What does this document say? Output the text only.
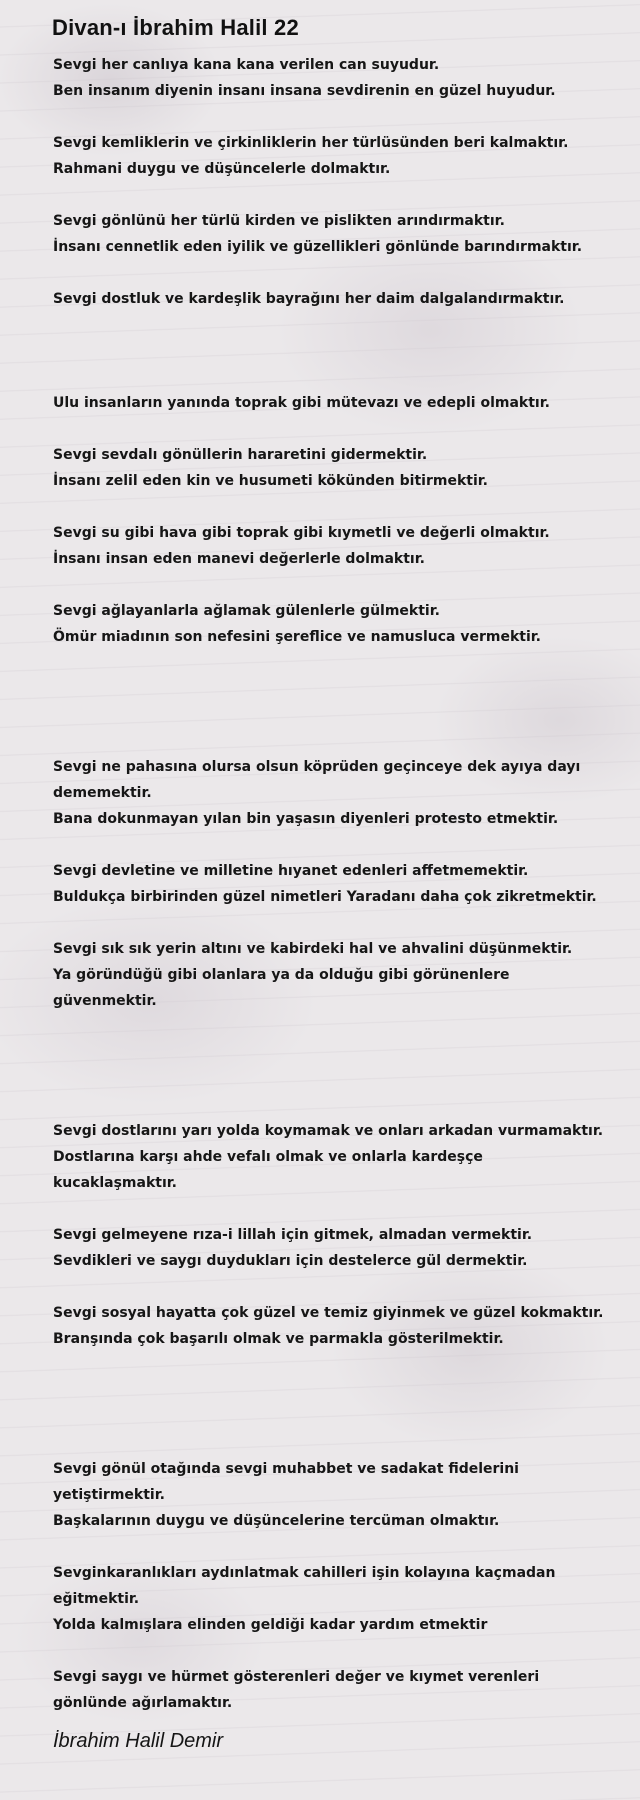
Divan-ı İbrahim Halil 22
Sevgi her canlıya kana kana verilen can suyudur.
Ben insanım diyenin insanı insana sevdirenin en güzel huyudur.
Sevgi kemliklerin ve çirkinliklerin her türlüsünden beri kalmaktır.
Rahmani duygu ve düşüncelerle dolmaktır.
Sevgi gönlünü her türlü kirden ve pislikten arındırmaktır.
İnsanı cennetlik eden iyilik ve güzellikleri gönlünde barındırmaktır.
Sevgi dostluk ve kardeşlik bayrağını her daim dalgalandırmaktır.
Ulu insanların yanında toprak gibi mütevazı ve edepli olmaktır.
Sevgi sevdalı gönüllerin hararetini gidermektir.
İnsanı zelil eden kin ve husumeti kökünden bitirmektir.
Sevgi su gibi hava gibi toprak gibi kıymetli ve değerli olmaktır.
İnsanı insan eden manevi değerlerle dolmaktır.
Sevgi ağlayanlarla ağlamak gülenlerle gülmektir.
Ömür miadının son nefesini şereflice ve namusluca vermektir.
Sevgi ne pahasına olursa olsun köprüden geçinceye dek ayıya dayı dememektir.
Bana dokunmayan yılan bin yaşasın diyenleri protesto etmektir.
Sevgi devletine ve milletine hıyanet edenleri affetmemektir.
Buldukça birbirinden güzel nimetleri Yaradanı daha çok zikretmektir.
Sevgi sık sık yerin altını ve kabirdeki hal ve ahvalini düşünmektir.
Ya göründüğü gibi olanlara ya da olduğu gibi görünenlere güvenmektir.
Sevgi dostlarını yarı yolda koymamak ve onları arkadan vurmamaktır.
Dostlarına karşı ahde vefalı olmak ve onlarla kardeşçe kucaklaşmaktır.
Sevgi gelmeyene rıza-i lillah için gitmek, almadan vermektir.
Sevdikleri ve saygı duydukları için destelerce gül dermektir.
Sevgi sosyal hayatta çok güzel ve temiz giyinmek ve güzel kokmaktır.
Branşında çok başarılı olmak ve parmakla gösterilmektir.
Sevgi gönül otağında sevgi muhabbet ve sadakat fidelerini yetiştirmektir.
Başkalarının duygu ve düşüncelerine tercüman olmaktır.
Sevginkaranlıkları aydınlatmak cahilleri işin kolayına kaçmadan eğitmektir.
Yolda kalmışlara elinden geldiği kadar yardım etmektir
Sevgi saygı ve hürmet gösterenleri değer ve kıymet verenleri gönlünde ağırlamaktır.
İbrahim Halil Demir
